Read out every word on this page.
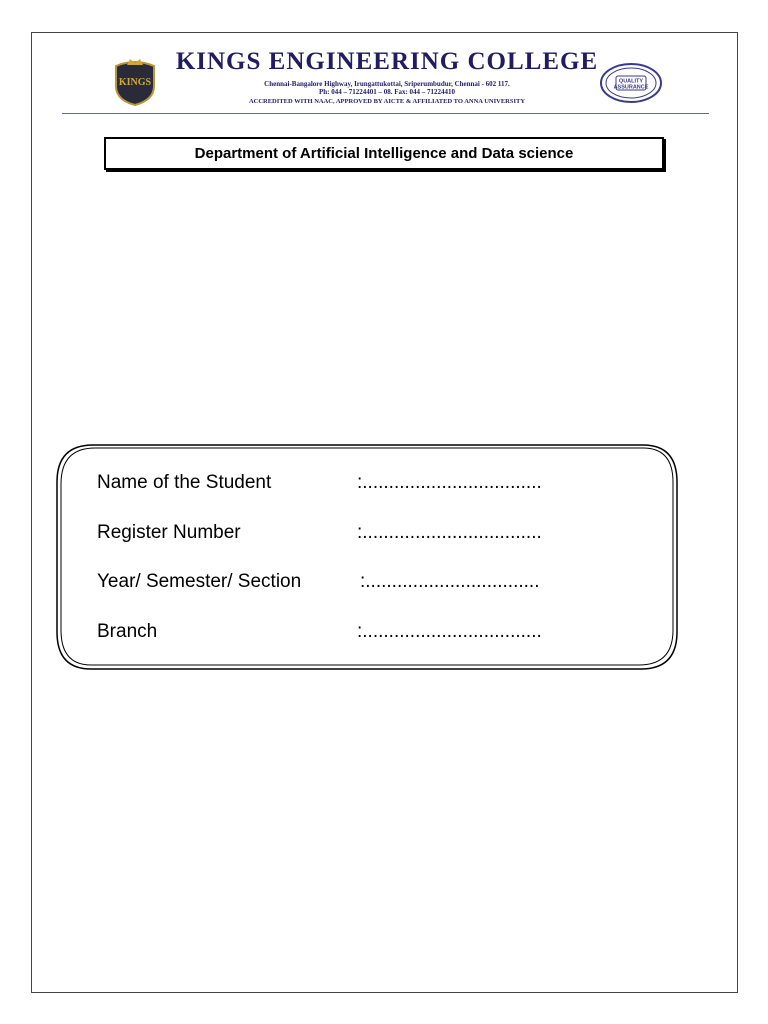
KINGS
KINGS ENGINEERING COLLEGE
Chennai-Bangalore Highway, Irungattukottai, Sriperumbudur, Chennai - 602 117.
Ph: 044 – 71224401 – 08. Fax: 044 – 71224410
ACCREDITED WITH NAAC, APPROVED BY AICTE & AFFILIATED TO ANNA UNIVERSITY
QUALITY
ASSURANCE
Department of Artificial Intelligence and Data science
Name of the Student	:..................................
Register Number	:..................................
Year/ Semester/ Section	:.................................
Branch	:..................................
